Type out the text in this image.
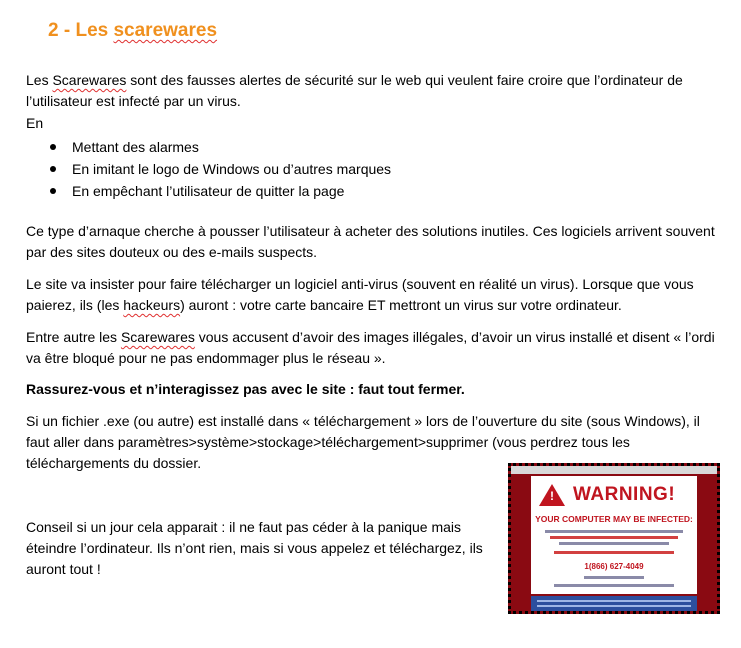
2 - Les scarewares

Les Scarewares sont des fausses alertes de sécurité sur le web qui veulent faire croire que l’ordinateur de l’utilisateur est infecté par un virus.

En

Mettant des alarmes
En imitant le logo de Windows ou d’autres marques
En empêchant l’utilisateur de quitter la page

Ce type d’arnaque cherche à pousser l’utilisateur à acheter des solutions inutiles. Ces logiciels arrivent souvent par des sites douteux ou des e-mails suspects.

Le site va insister pour faire télécharger un logiciel anti-virus (souvent en réalité un virus). Lorsque que vous paierez, ils (les hackeurs) auront : votre carte bancaire ET mettront un virus sur votre ordinateur.

Entre autre les Scarewares vous accusent d’avoir des images illégales, d’avoir un virus installé et disent « l’ordi va être bloqué pour ne pas endommager plus le réseau ».

Rassurez-vous et n’interagissez pas avec le site : faut tout fermer.

Si un fichier .exe (ou autre) est installé dans « téléchargement » lors de l’ouverture du site (sous Windows), il faut aller dans paramètres>système>stockage>téléchargement>supprimer (vous perdrez tous les téléchargements du dossier.

Conseil si un jour cela apparait : il ne faut pas céder à la panique mais éteindre l’ordinateur. Ils n’ont rien, mais si vous appelez et téléchargez, ils auront tout !

! WARNING!
YOUR COMPUTER MAY BE INFECTED:
1(866) 627-4049
